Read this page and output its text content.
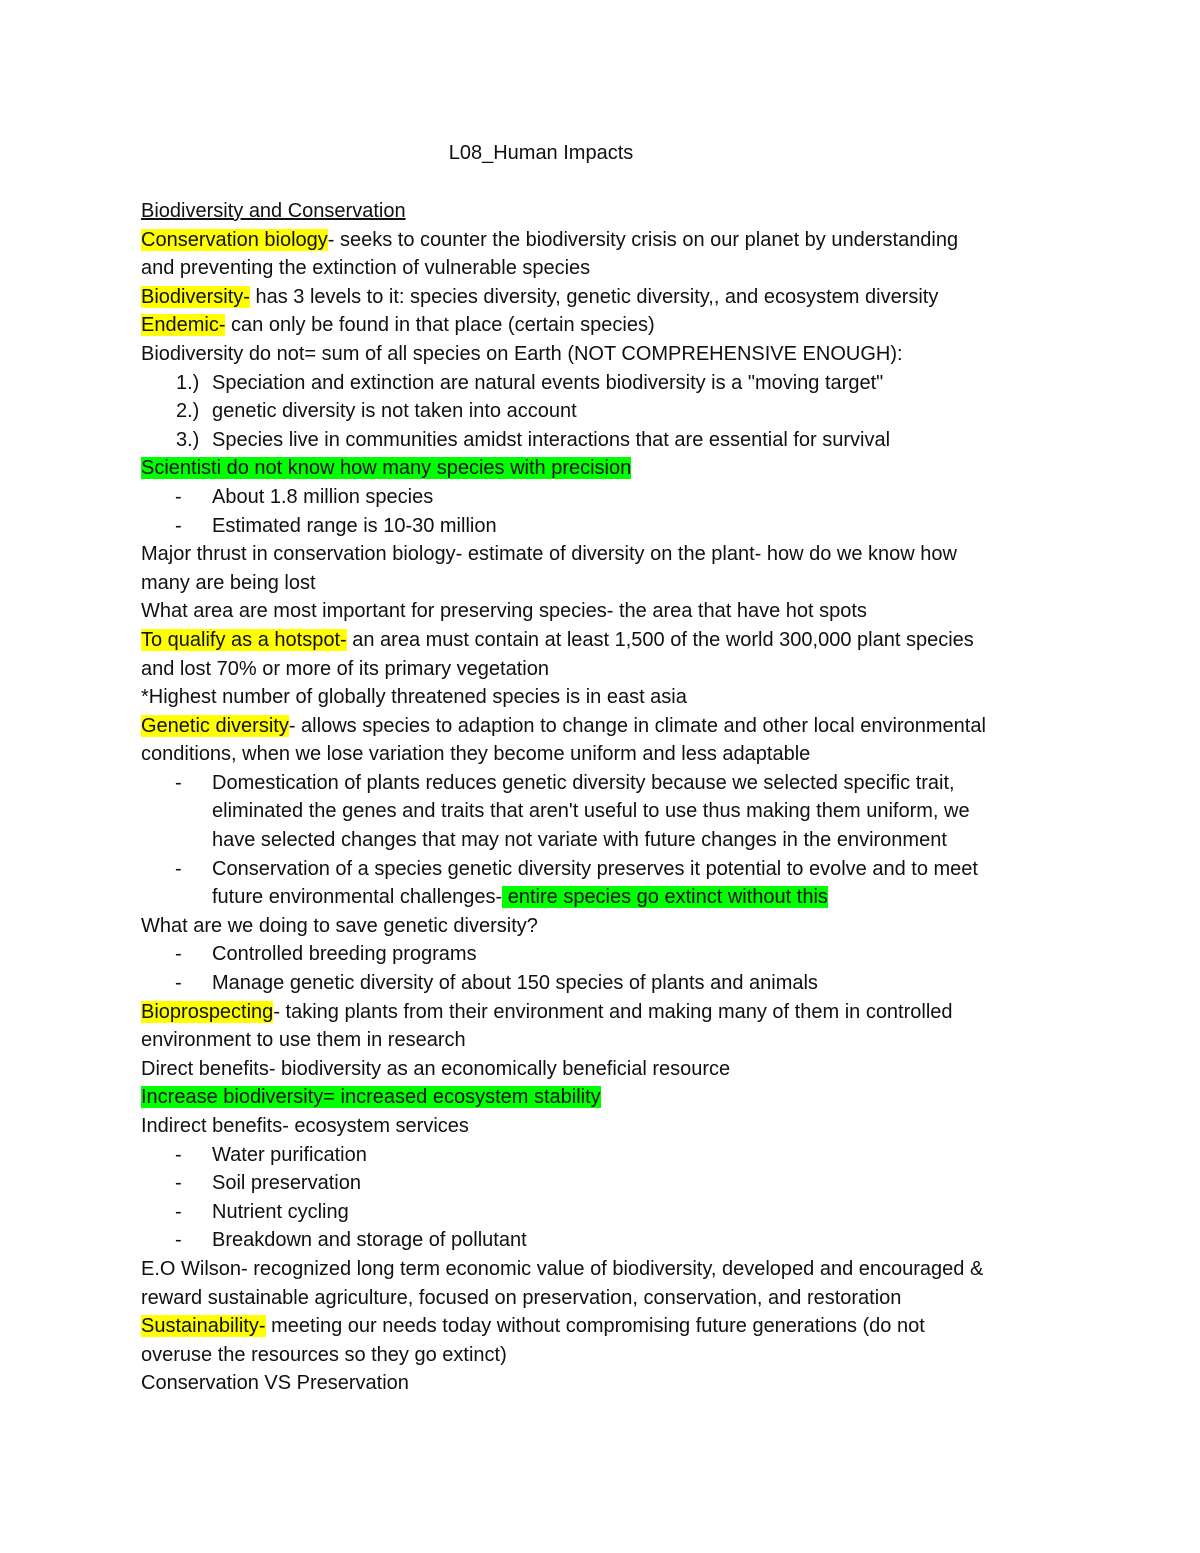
L08_Human Impacts

Biodiversity and Conservation

Conservation biology- seeks to counter the biodiversity crisis on our planet by understanding

and preventing the extinction of vulnerable species

Biodiversity- has 3 levels to it: species diversity, genetic diversity,, and ecosystem diversity

Endemic- can only be found in that place (certain species)

Biodiversity do not= sum of all species on Earth (NOT COMPREHENSIVE ENOUGH):

1.) Speciation and extinction are natural events biodiversity is a "moving target"
2.) genetic diversity is not taken into account
3.) Species live in communities amidst interactions that are essential for survival

Scientisti do not know how many species with precision

- About 1.8 million species
- Estimated range is 10-30 million

Major thrust in conservation biology- estimate of diversity on the plant- how do we know how

many are being lost

What area are most important for preserving species- the area that have hot spots

To qualify as a hotspot- an area must contain at least 1,500 of the world 300,000 plant species

and lost 70% or more of its primary vegetation

*Highest number of globally threatened species is in east asia

Genetic diversity- allows species to adaption to change in climate and other local environmental

conditions, when we lose variation they become uniform and less adaptable

- Domestication of plants reduces genetic diversity because we selected specific trait,
eliminated the genes and traits that aren't useful to use thus making them uniform, we
have selected changes that may not variate with future changes in the environment
- Conservation of a species genetic diversity preserves it potential to evolve and to meet
future environmental challenges- entire species go extinct without this

What are we doing to save genetic diversity?

- Controlled breeding programs
- Manage genetic diversity of about 150 species of plants and animals

Bioprospecting- taking plants from their environment and making many of them in controlled

environment to use them in research

Direct benefits- biodiversity as an economically beneficial resource

Increase biodiversity= increased ecosystem stability

Indirect benefits- ecosystem services

- Water purification
- Soil preservation
- Nutrient cycling
- Breakdown and storage of pollutant

E.O Wilson- recognized long term economic value of biodiversity, developed and encouraged &

reward sustainable agriculture, focused on preservation, conservation, and restoration

Sustainability- meeting our needs today without compromising future generations (do not

overuse the resources so they go extinct)

Conservation VS Preservation
